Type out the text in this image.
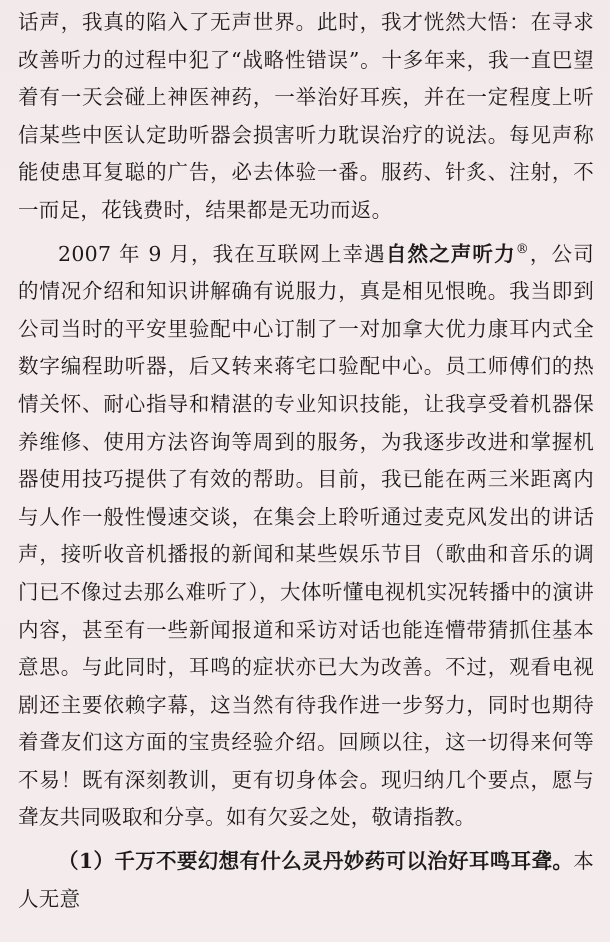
话声，我真的陷入了无声世界。此时，我才恍然大悟：在寻求改善听力的过程中犯了“战略性错误”。十多年来，我一直巴望着有一天会碰上神医神药，一举治好耳疾，并在一定程度上听信某些中医认定助听器会损害听力耽误治疗的说法。每见声称能使患耳复聪的广告，必去体验一番。服药、针炙、注射，不一而足，花钱费时，结果都是无功而返。

2007 年 9 月，我在互联网上幸遇自然之声听力®，公司的情况介绍和知识讲解确有说服力，真是相见恨晚。我当即到公司当时的平安里验配中心订制了一对加拿大优力康耳内式全数字编程助听器，后又转来蒋宅口验配中心。员工师傅们的热情关怀、耐心指导和精湛的专业知识技能，让我享受着机器保养维修、使用方法咨询等周到的服务，为我逐步改进和掌握机器使用技巧提供了有效的帮助。目前，我已能在两三米距离内与人作一般性慢速交谈，在集会上聆听通过麦克风发出的讲话声，接听收音机播报的新闻和某些娱乐节目（歌曲和音乐的调门已不像过去那么难听了），大体听懂电视机实况转播中的演讲内容，甚至有一些新闻报道和采访对话也能连懵带猜抓住基本意思。与此同时，耳鸣的症状亦已大为改善。不过，观看电视剧还主要依赖字幕，这当然有待我作进一步努力，同时也期待着聋友们这方面的宝贵经验介绍。回顾以往，这一切得来何等不易！既有深刻教训，更有切身体会。现归纳几个要点，愿与聋友共同吸取和分享。如有欠妥之处，敬请指教。

（1）千万不要幻想有什么灵丹妙药可以治好耳鸣耳聋。本人无意
